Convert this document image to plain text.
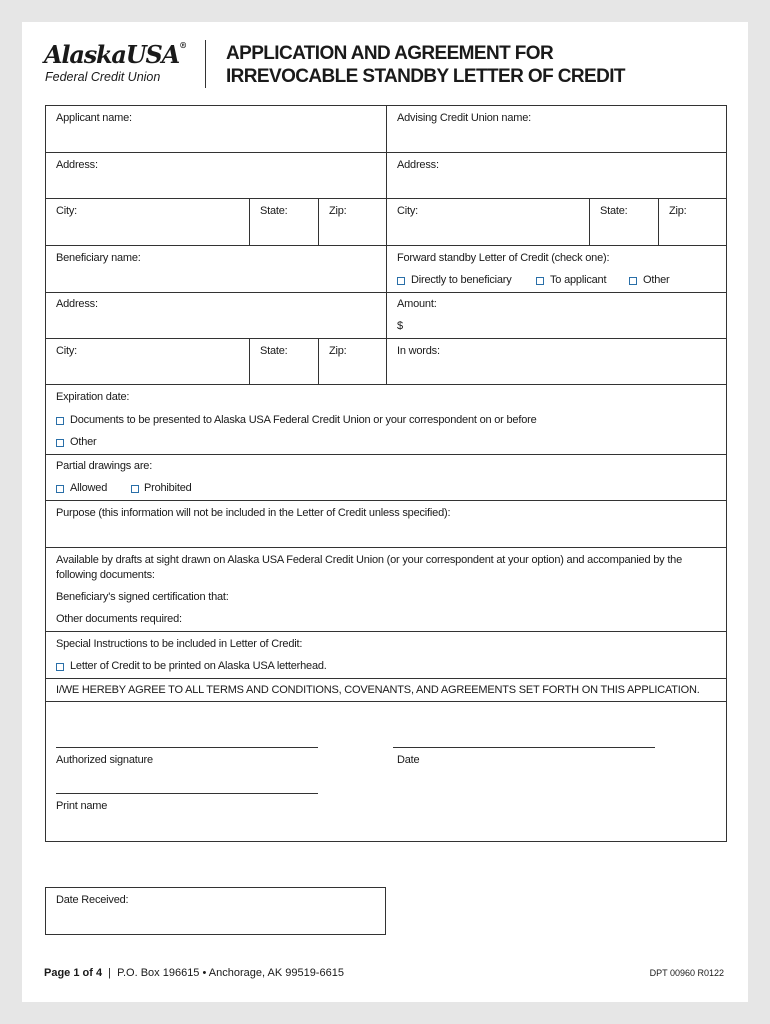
AlaskaUSA®
Federal Credit Union
APPLICATION AND AGREEMENT FOR
IRREVOCABLE STANDBY LETTER OF CREDIT
Applicant name:	Advising Credit Union name:
Address:	Address:
City:	State:	Zip:	City:	State:	Zip:
Beneficiary name:	Forward standby Letter of Credit (check one):
Directly to beneficiary	To applicant	Other
Address:	Amount:
$
City:	State:	Zip:	In words:
Expiration date:
Documents to be presented to Alaska USA Federal Credit Union or your correspondent on or before
Other
Partial drawings are:
Allowed	Prohibited
Purpose (this information will not be included in the Letter of Credit unless specified):
Available by drafts at sight drawn on Alaska USA Federal Credit Union (or your correspondent at your option) and accompanied by the
following documents:
Beneficiary's signed certification that:
Other documents required:
Special Instructions to be included in Letter of Credit:
Letter of Credit to be printed on Alaska USA letterhead.
I/WE HEREBY AGREE TO ALL TERMS AND CONDITIONS, COVENANTS, AND AGREEMENTS SET FORTH ON THIS APPLICATION.
Authorized signature	Date
Print name
Date Received:
Page 1 of 4 | P.O. Box 196615 • Anchorage, AK 99519-6615	DPT 00960 R0122
